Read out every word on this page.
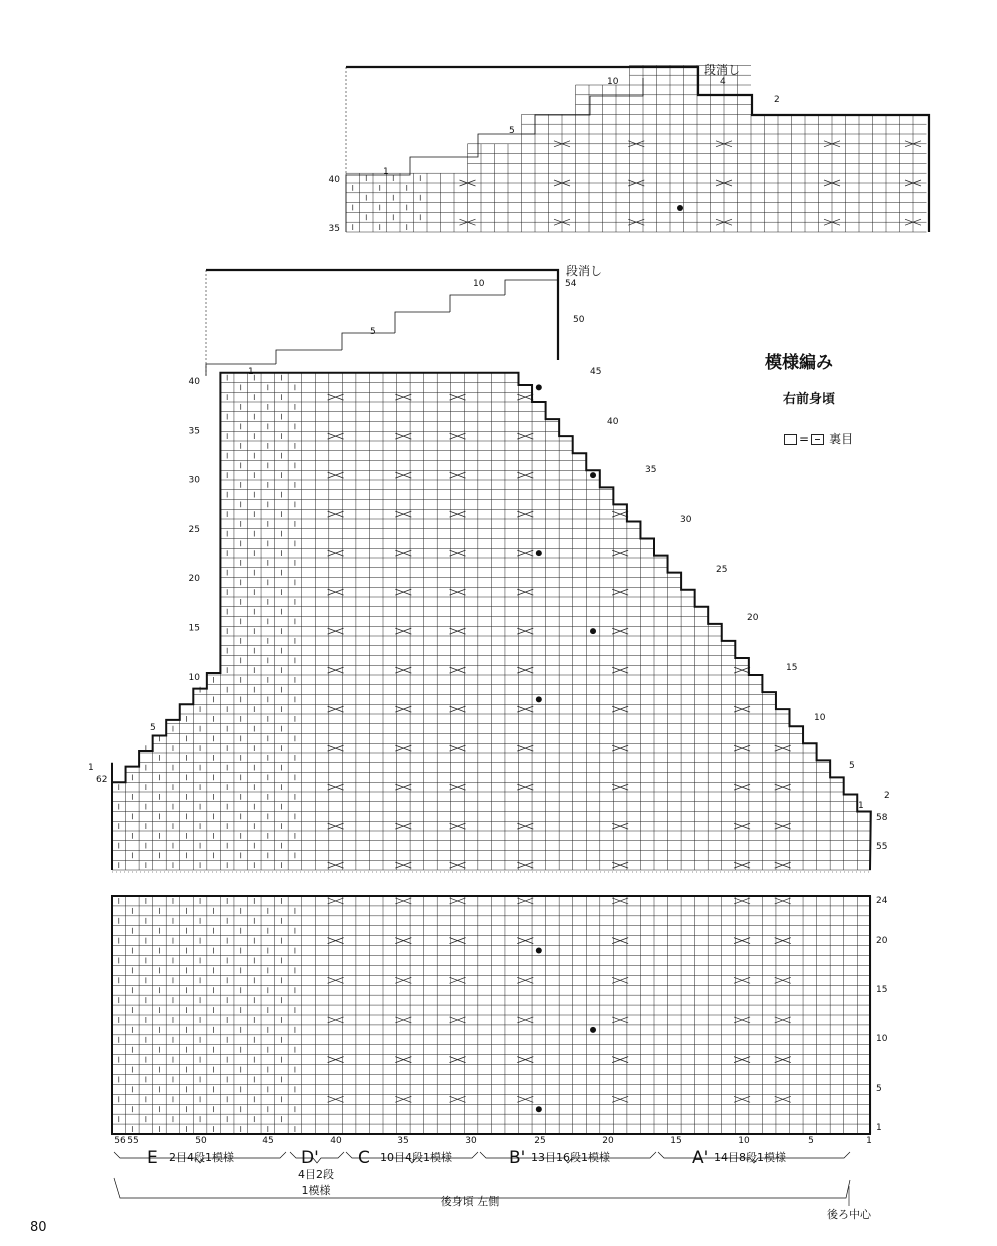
段消し
54
40
35
30
25
20
15
10
5
1
62
1
5
10
50
45
40
35
30
25
20
15
10
5
1
2
58
55
24
20
15
10
5
1
56 55	50	45	40	35	30	25	20	15	10	5	1
E 2目4段1模様	D' C 10目4段1模様	B' 13目16段1模様	A' 14目8段1模様
4目2段
1模様
後身頃 左側
後ろ中心
段消し
40
35
1
5
10	4
2
模様編み
右前身頃
= 裏目
80
